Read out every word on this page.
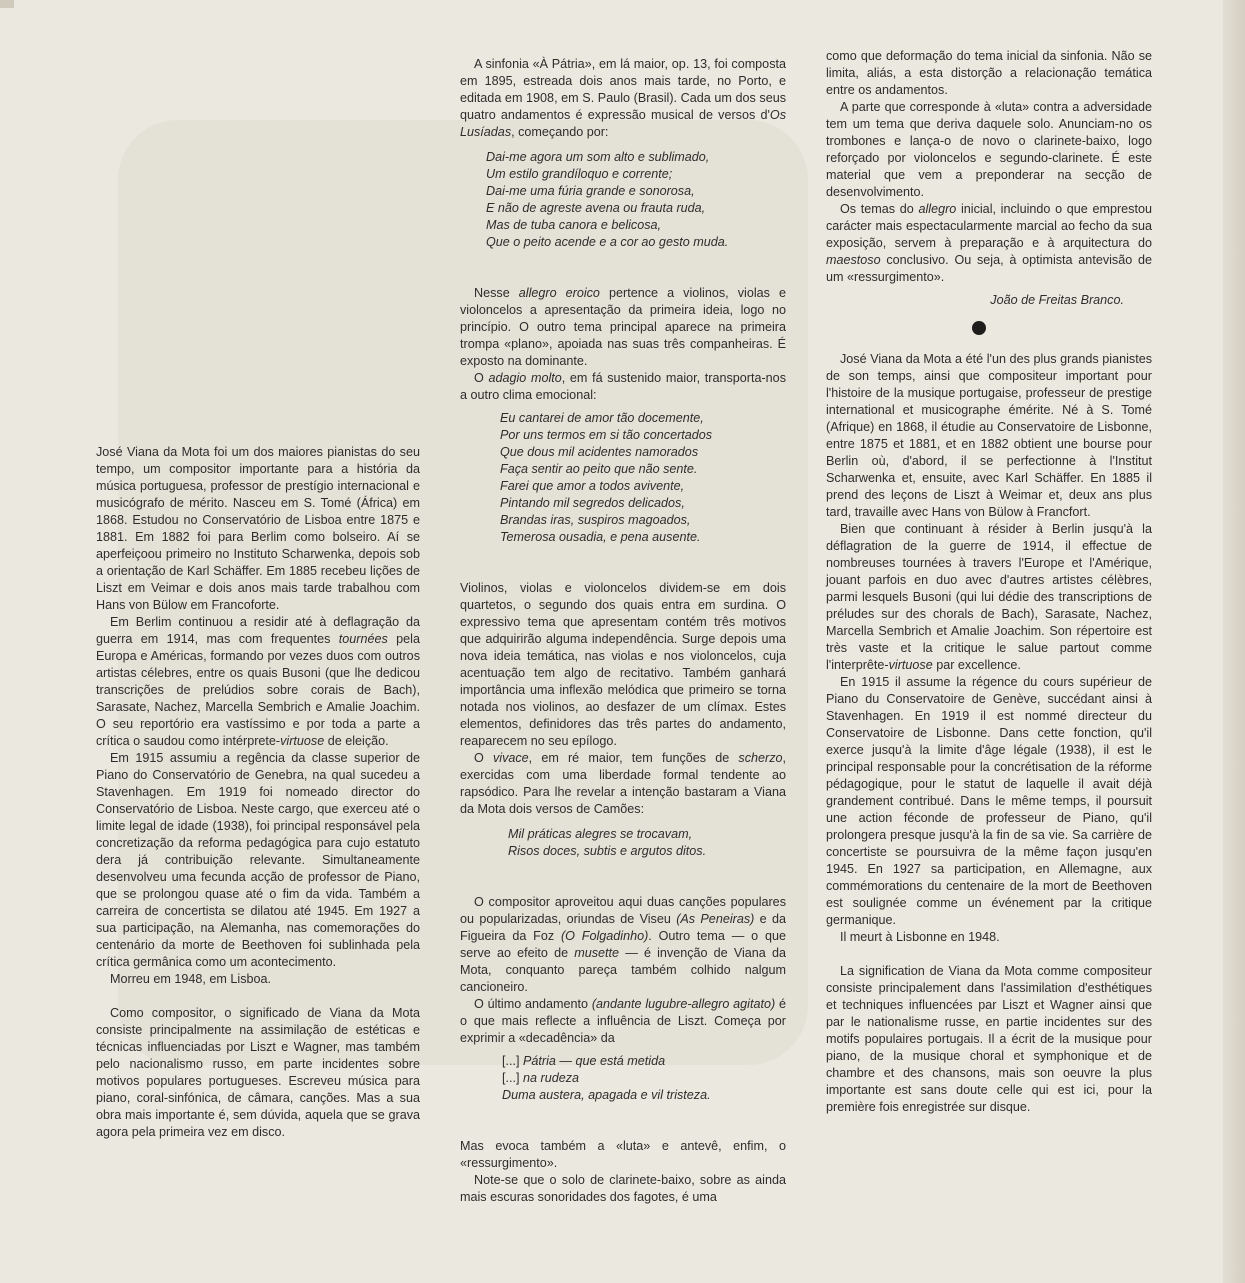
José Viana da Mota foi um dos maiores pianistas do seu tempo, um compositor importante para a história da música portuguesa, professor de prestígio internacional e musicógrafo de mérito. Nasceu em S. Tomé (África) em 1868. Estudou no Conservatório de Lisboa entre 1875 e 1881. Em 1882 foi para Berlim como bolseiro. Aí se aperfeiçoou primeiro no Instituto Scharwenka, depois sob a orientação de Karl Schäffer. Em 1885 recebeu lições de Liszt em Veimar e dois anos mais tarde trabalhou com Hans von Bülow em Francoforte.

Em Berlim continuou a residir até à deflagração da guerra em 1914, mas com frequentes tournées pela Europa e Américas, formando por vezes duos com outros artistas célebres, entre os quais Busoni (que lhe dedicou transcrições de prelúdios sobre corais de Bach), Sarasate, Nachez, Marcella Sembrich e Amalie Joachim. O seu reportório era vastíssimo e por toda a parte a crítica o saudou como intérprete-virtuose de eleição.

Em 1915 assumiu a regência da classe superior de Piano do Conservatório de Genebra, na qual sucedeu a Stavenhagen. Em 1919 foi nomeado director do Conservatório de Lisboa. Neste cargo, que exerceu até o limite legal de idade (1938), foi principal responsável pela concretização da reforma pedagógica para cujo estatuto dera já contribuição relevante. Simultaneamente desenvolveu uma fecunda acção de professor de Piano, que se prolongou quase até o fim da vida. Também a carreira de concertista se dilatou até 1945. Em 1927 a sua participação, na Alemanha, nas comemorações do centenário da morte de Beethoven foi sublinhada pela crítica germânica como um acontecimento.

Morreu em 1948, em Lisboa.

Como compositor, o significado de Viana da Mota consiste principalmente na assimilação de estéticas e técnicas influenciadas por Liszt e Wagner, mas também pelo nacionalismo russo, em parte incidentes sobre motivos populares portugueses. Escreveu música para piano, coral-sinfónica, de câmara, canções. Mas a sua obra mais importante é, sem dúvida, aquela que se grava agora pela primeira vez em disco.

A sinfonia «À Pátria», em lá maior, op. 13, foi composta em 1895, estreada dois anos mais tarde, no Porto, e editada em 1908, em S. Paulo (Brasil). Cada um dos seus quatro andamentos é expressão musical de versos d'Os Lusíadas, começando por:

Dai-me agora um som alto e sublimado,
Um estilo grandíloquo e corrente;
Dai-me uma fúria grande e sonorosa,
E não de agreste avena ou frauta ruda,
Mas de tuba canora e belicosa,
Que o peito acende e a cor ao gesto muda.

Nesse allegro eroico pertence a violinos, violas e violoncelos a apresentação da primeira ideia, logo no princípio. O outro tema principal aparece na primeira trompa «plano», apoiada nas suas três companheiras. É exposto na dominante.

O adagio molto, em fá sustenido maior, transporta-nos a outro clima emocional:

Eu cantarei de amor tão docemente,
Por uns termos em si tão concertados
Que dous mil acidentes namorados
Faça sentir ao peito que não sente.
Farei que amor a todos avivente,
Pintando mil segredos delicados,
Brandas iras, suspiros magoados,
Temerosa ousadia, e pena ausente.

Violinos, violas e violoncelos dividem-se em dois quartetos, o segundo dos quais entra em surdina. O expressivo tema que apresentam contém três motivos que adquirirão alguma independência. Surge depois uma nova ideia temática, nas violas e nos violoncelos, cuja acentuação tem algo de recitativo. Também ganhará importância uma inflexão melódica que primeiro se torna notada nos violinos, ao desfazer de um clímax. Estes elementos, definidores das três partes do andamento, reaparecem no seu epílogo.

O vivace, em ré maior, tem funções de scherzo, exercidas com uma liberdade formal tendente ao rapsódico. Para lhe revelar a intenção bastaram a Viana da Mota dois versos de Camões:

Mil práticas alegres se trocavam,
Risos doces, subtis e argutos ditos.

O compositor aproveitou aqui duas canções populares ou popularizadas, oriundas de Viseu (As Peneiras) e da Figueira da Foz (O Folgadinho). Outro tema — o que serve ao efeito de musette — é invenção de Viana da Mota, conquanto pareça também colhido nalgum cancioneiro.

O último andamento (andante lugubre-allegro agitato) é o que mais reflecte a influência de Liszt. Começa por exprimir a «decadência» da

[...] Pátria — que está metida
[...] na rudeza
Duma austera, apagada e vil tristeza.

Mas evoca também a «luta» e antevê, enfim, o «ressurgimento».

Note-se que o solo de clarinete-baixo, sobre as ainda mais escuras sonoridades dos fagotes, é uma

como que deformação do tema inicial da sinfonia. Não se limita, aliás, a esta distorção a relacionação temática entre os andamentos.

A parte que corresponde à «luta» contra a adversidade tem um tema que deriva daquele solo. Anunciam-no os trombones e lança-o de novo o clarinete-baixo, logo reforçado por violoncelos e segundo-clarinete. É este material que vem a preponderar na secção de desenvolvimento.

Os temas do allegro inicial, incluindo o que emprestou carácter mais espectacularmente marcial ao fecho da sua exposição, servem à preparação e à arquitectura do maestoso conclusivo. Ou seja, à optimista antevisão de um «ressurgimento».

João de Freitas Branco.

José Viana da Mota a été l'un des plus grands pianistes de son temps, ainsi que compositeur important pour l'histoire de la musique portugaise, professeur de prestige international et musicographe émérite. Né à S. Tomé (Afrique) en 1868, il étudie au Conservatoire de Lisbonne, entre 1875 et 1881, et en 1882 obtient une bourse pour Berlin où, d'abord, il se perfectionne à l'Institut Scharwenka et, ensuite, avec Karl Schäffer. En 1885 il prend des leçons de Liszt à Weimar et, deux ans plus tard, travaille avec Hans von Bülow à Francfort.

Bien que continuant à résider à Berlin jusqu'à la déflagration de la guerre de 1914, il effectue de nombreuses tournées à travers l'Europe et l'Amérique, jouant parfois en duo avec d'autres artistes célèbres, parmi lesquels Busoni (qui lui dédie des transcriptions de préludes sur des chorals de Bach), Sarasate, Nachez, Marcella Sembrich et Amalie Joachim. Son répertoire est très vaste et la critique le salue partout comme l'interprête-virtuose par excellence.

En 1915 il assume la régence du cours supérieur de Piano du Conservatoire de Genève, succédant ainsi à Stavenhagen. En 1919 il est nommé directeur du Conservatoire de Lisbonne. Dans cette fonction, qu'il exerce jusqu'à la limite d'âge légale (1938), il est le principal responsable pour la concrétisation de la réforme pédagogique, pour le statut de laquelle il avait déjà grandement contribué. Dans le même temps, il poursuit une action féconde de professeur de Piano, qu'il prolongera presque jusqu'à la fin de sa vie. Sa carrière de concertiste se poursuivra de la même façon jusqu'en 1945. En 1927 sa participation, en Allemagne, aux commémorations du centenaire de la mort de Beethoven est soulignée comme un événement par la critique germanique.

Il meurt à Lisbonne en 1948.

La signification de Viana da Mota comme compositeur consiste principalement dans l'assimilation d'esthétiques et techniques influencées par Liszt et Wagner ainsi que par le nationalisme russe, en partie incidentes sur des motifs populaires portugais. Il a écrit de la musique pour piano, de la musique choral et symphonique et de chambre et des chansons, mais son oeuvre la plus importante est sans doute celle qui est ici, pour la première fois enregistrée sur disque.
